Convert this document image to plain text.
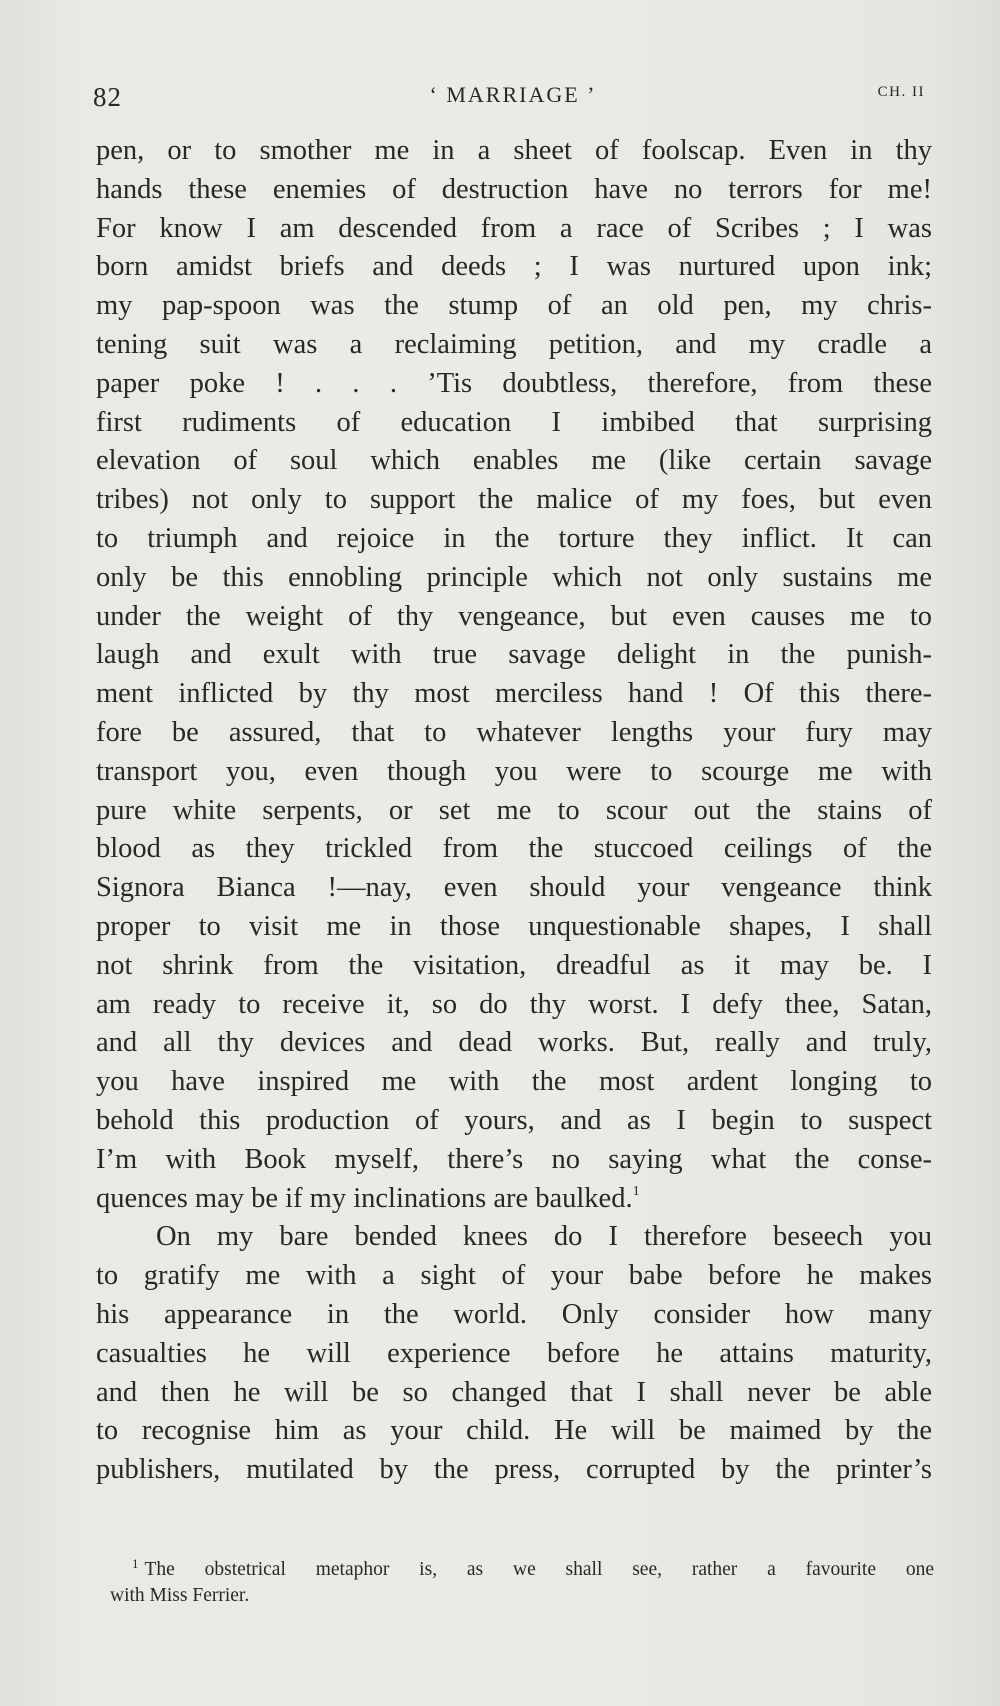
82	‘ MARRIAGE ’	CH. II
pen, or to smother me in a sheet of foolscap. Even in thy
hands these enemies of destruction have no terrors for me!
For know I am descended from a race of Scribes ; I was
born amidst briefs and deeds ; I was nurtured upon ink;
my pap-spoon was the stump of an old pen, my chris-
tening suit was a reclaiming petition, and my cradle a
paper poke ! . . . ’Tis doubtless, therefore, from these
first rudiments of education I imbibed that surprising
elevation of soul which enables me (like certain savage
tribes) not only to support the malice of my foes, but even
to triumph and rejoice in the torture they inflict. It can
only be this ennobling principle which not only sustains me
under the weight of thy vengeance, but even causes me to
laugh and exult with true savage delight in the punish-
ment inflicted by thy most merciless hand ! Of this there-
fore be assured, that to whatever lengths your fury may
transport you, even though you were to scourge me with
pure white serpents, or set me to scour out the stains of
blood as they trickled from the stuccoed ceilings of the
Signora Bianca !—nay, even should your vengeance think
proper to visit me in those unquestionable shapes, I shall
not shrink from the visitation, dreadful as it may be. I
am ready to receive it, so do thy worst. I defy thee, Satan,
and all thy devices and dead works. But, really and truly,
you have inspired me with the most ardent longing to
behold this production of yours, and as I begin to suspect
I’m with Book myself, there’s no saying what the conse-
quences may be if my inclinations are baulked.$^1$
On my bare bended knees do I therefore beseech you
to gratify me with a sight of your babe before he makes
his appearance in the world. Only consider how many
casualties he will experience before he attains maturity,
and then he will be so changed that I shall never be able
to recognise him as your child. He will be maimed by the
publishers, mutilated by the press, corrupted by the printer’s
$^1$ The obstetrical metaphor is, as we shall see, rather a favourite one
with Miss Ferrier.
